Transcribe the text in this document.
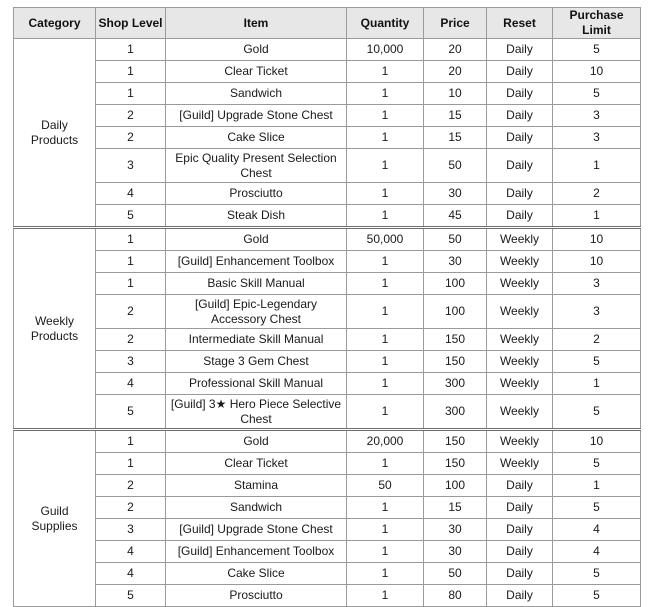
Category	Shop Level	Item	Quantity	Price	Reset	Purchase Limit
Daily Products	1	Gold	10,000	20	Daily	5
	1	Clear Ticket	1	20	Daily	10
	1	Sandwich	1	10	Daily	5
	2	[Guild] Upgrade Stone Chest	1	15	Daily	3
	2	Cake Slice	1	15	Daily	3
	3	Epic Quality Present Selection Chest	1	50	Daily	1
	4	Prosciutto	1	30	Daily	2
	5	Steak Dish	1	45	Daily	1
Weekly Products	1	Gold	50,000	50	Weekly	10
	1	[Guild] Enhancement Toolbox	1	30	Weekly	10
	1	Basic Skill Manual	1	100	Weekly	3
	2	[Guild] Epic-Legendary Accessory Chest	1	100	Weekly	3
	2	Intermediate Skill Manual	1	150	Weekly	2
	3	Stage 3 Gem Chest	1	150	Weekly	5
	4	Professional Skill Manual	1	300	Weekly	1
	5	[Guild] 3★ Hero Piece Selective Chest	1	300	Weekly	5
Guild Supplies	1	Gold	20,000	150	Weekly	10
	1	Clear Ticket	1	150	Weekly	5
	2	Stamina	50	100	Daily	1
	2	Sandwich	1	15	Daily	5
	3	[Guild] Upgrade Stone Chest	1	30	Daily	4
	4	[Guild] Enhancement Toolbox	1	30	Daily	4
	4	Cake Slice	1	50	Daily	5
	5	Prosciutto	1	80	Daily	5
